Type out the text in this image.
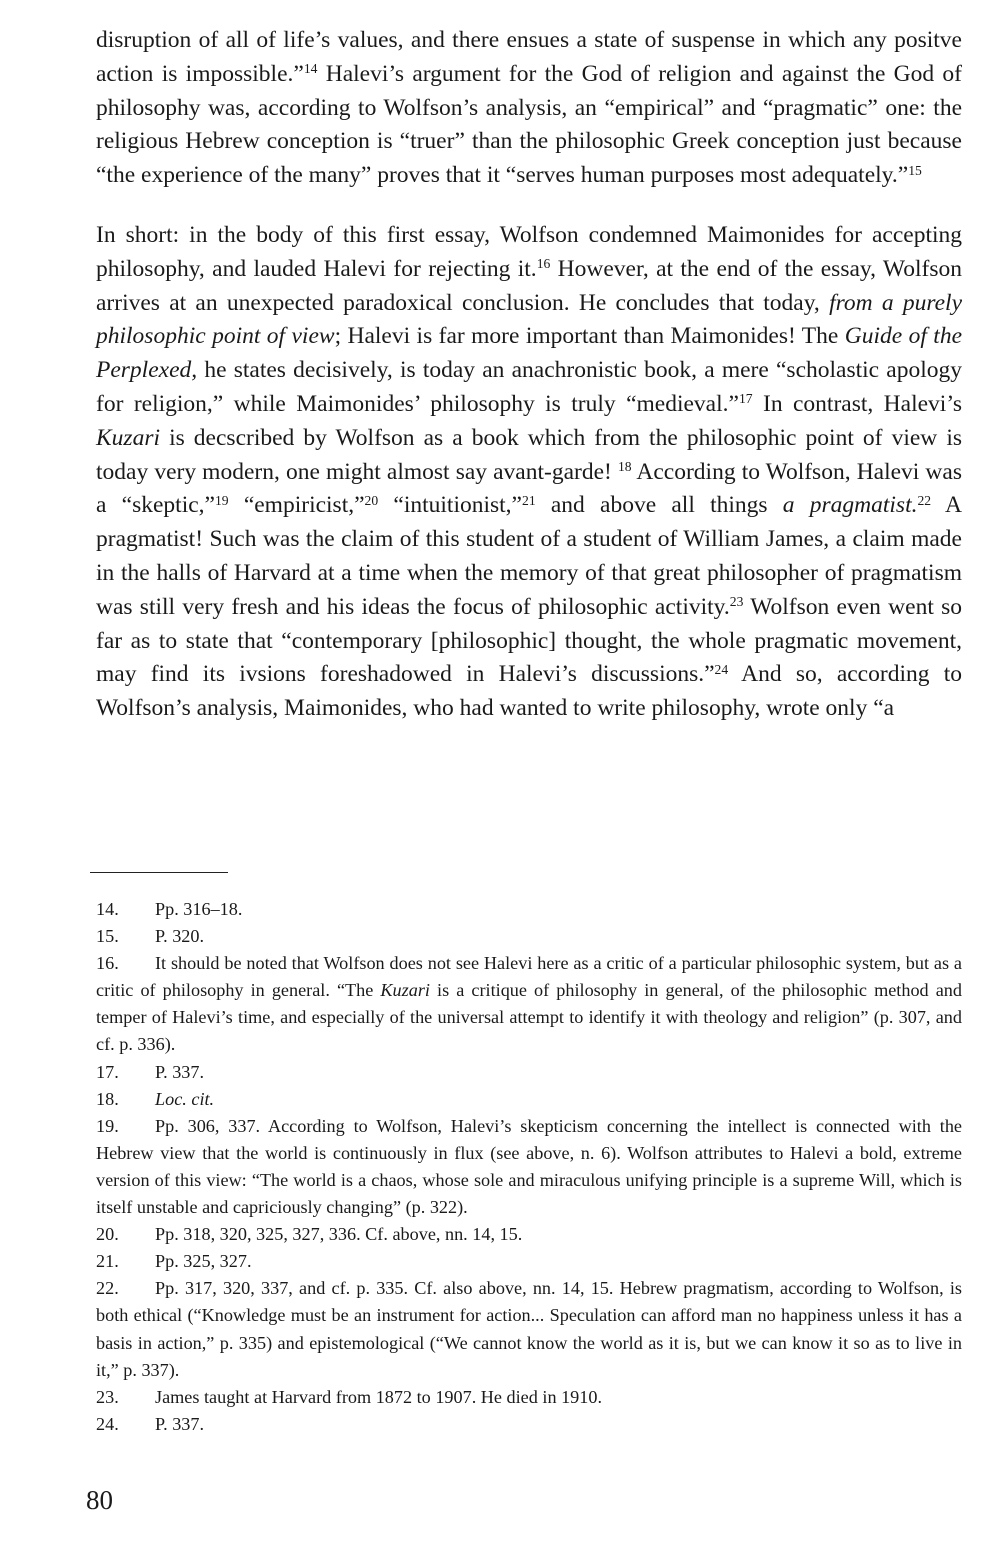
disruption of all of life’s values, and there ensues a state of suspense in which any positve action is impossible.”$^{14}$ Halevi’s argument for the God of religion and against the God of philosophy was, according to Wolfson’s analysis, an “empirical” and “pragmatic” one: the religious Hebrew conception is “truer” than the philosophic Greek conception just because “the experience of the many” proves that it “serves human purposes most adequately.”$^{15}$

In short: in the body of this first essay, Wolfson condemned Maimonides for accepting philosophy, and lauded Halevi for rejecting it.$^{16}$ However, at the end of the essay, Wolfson arrives at an unexpected paradoxical conclusion. He concludes that today, from a purely philosophic point of view; Halevi is far more important than Maimonides! The Guide of the Perplexed, he states decisively, is today an anachronistic book, a mere “scholastic apology for religion,” while Maimonides’ philosophy is truly “medieval.”$^{17}$ In contrast, Halevi’s Kuzari is decscribed by Wolfson as a book which from the philosophic point of view is today very modern, one might almost say avant-garde! $^{18}$ According to Wolfson, Halevi was a “skeptic,”$^{19}$ “empiricist,”$^{20}$ “intuitionist,”$^{21}$ and above all things a pragmatist.$^{22}$ A pragmatist! Such was the claim of this student of a student of William James, a claim made in the halls of Harvard at a time when the memory of that great philosopher of pragmatism was still very fresh and his ideas the focus of philosophic activity.$^{23}$ Wolfson even went so far as to state that “contemporary [philosophic] thought, the whole pragmatic movement, may find its ivsions foreshadowed in Halevi’s discussions.”$^{24}$ And so, according to Wolfson’s analysis, Maimonides, who had wanted to write philosophy, wrote only “a

14. Pp. 316–18.
15. P. 320.
16. It should be noted that Wolfson does not see Halevi here as a critic of a particular philosophic system, but as a critic of philosophy in general. “The Kuzari is a critique of philosophy in general, of the philosophic method and temper of Halevi’s time, and especially of the universal attempt to identify it with theology and religion” (p. 307, and cf. p. 336).
17. P. 337.
18. Loc. cit.
19. Pp. 306, 337. According to Wolfson, Halevi’s skepticism concerning the intellect is connected with the Hebrew view that the world is continuously in flux (see above, n. 6). Wolfson attributes to Halevi a bold, extreme version of this view: “The world is a chaos, whose sole and miraculous unifying principle is a supreme Will, which is itself unstable and capriciously changing” (p. 322).
20. Pp. 318, 320, 325, 327, 336. Cf. above, nn. 14, 15.
21. Pp. 325, 327.
22. Pp. 317, 320, 337, and cf. p. 335. Cf. also above, nn. 14, 15. Hebrew pragmatism, according to Wolfson, is both ethical (“Knowledge must be an instrument for action... Speculation can afford man no happiness unless it has a basis in action,” p. 335) and epistemological (“We cannot know the world as it is, but we can know it so as to live in it,” p. 337).
23. James taught at Harvard from 1872 to 1907. He died in 1910.
24. P. 337.
80
